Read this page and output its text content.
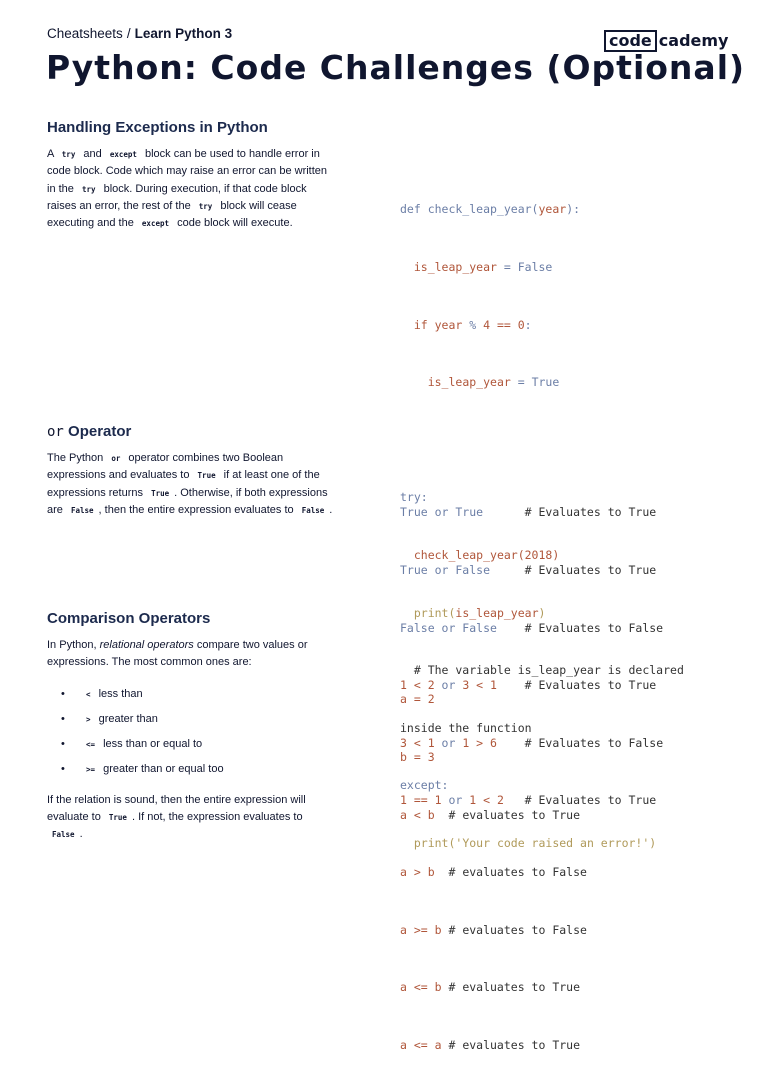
Cheatsheets / Learn Python 3	code cademy
Python: Code Challenges (Optional)
Handling Exceptions in Python

A try and except block can be used to handle error in code block. Code which may raise an error can be written in the try block. During execution, if that code block raises an error, the rest of the try block will cease executing and the except code block will execute.

def check_leap_year(year):

is_leap_year = False

if year % 4 == 0:

is_leap_year = True

try:

check_leap_year(2018)

print(is_leap_year)

# The variable is_leap_year is declared

inside the function

except:

print('Your code raised an error!')

or Operator

The Python or operator combines two Boolean expressions and evaluates to True if at least one of the expressions returns True . Otherwise, if both expressions are False , then the entire expression evaluates to False .

	True or True      # Evaluates to True

True or False     # Evaluates to True

False or False    # Evaluates to False

1 < 2 or 3 < 1    # Evaluates to True

3 < 1 or 1 > 6    # Evaluates to False

1 == 1 or 1 < 2   # Evaluates to True

Comparison Operators

In Python, relational operators compare two values or expressions. The most common ones are:

•	< less than
•	> greater than
•	<= less than or equal to
•	>= greater than or equal too

If the relation is sound, then the entire expression will evaluate to True . If not, the expression evaluates to False .

a = 2

b = 3

a < b  # evaluates to True

a > b  # evaluates to False

a >= b # evaluates to False

a <= b # evaluates to True

a <= a # evaluates to True
